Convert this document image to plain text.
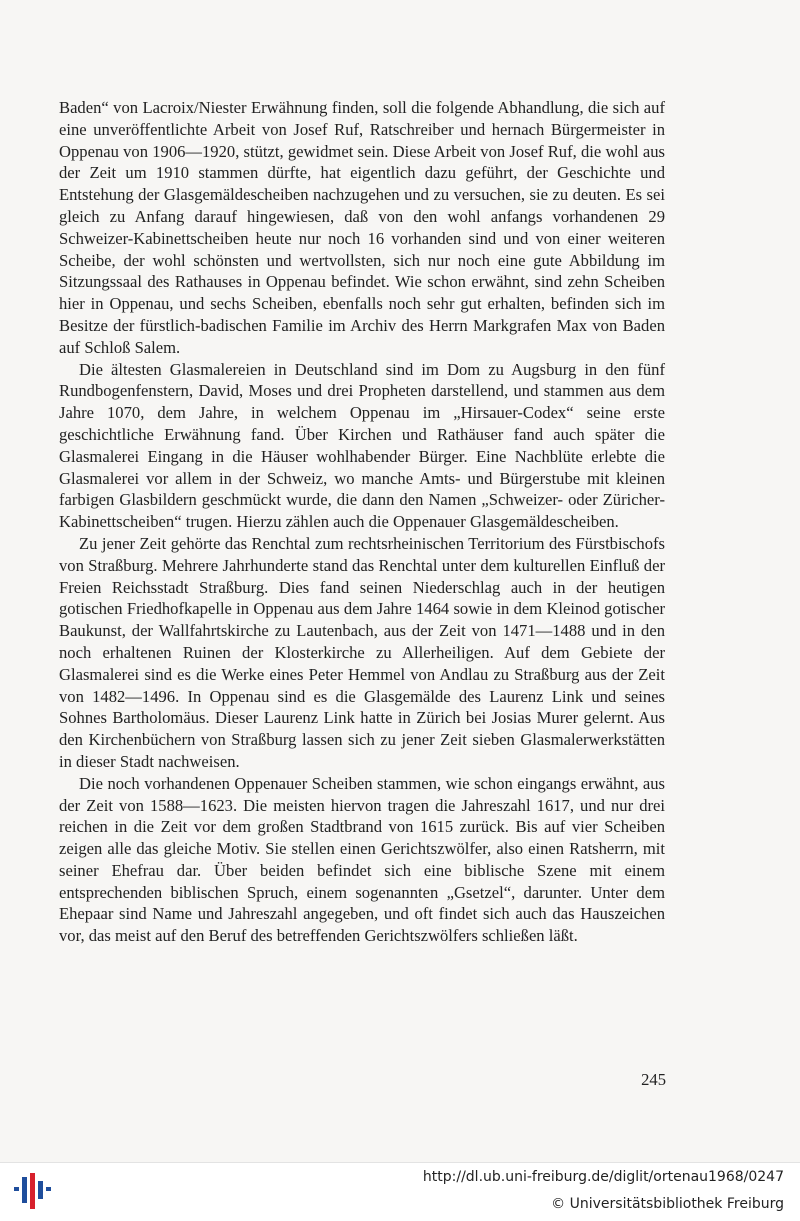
Baden“ von Lacroix/Niester Erwähnung finden, soll die folgende Abhandlung, die sich auf eine unveröffentlichte Arbeit von Josef Ruf, Ratschreiber und hernach Bürgermeister in Oppenau von 1906—1920, stützt, gewidmet sein. Diese Arbeit von Josef Ruf, die wohl aus der Zeit um 1910 stammen dürfte, hat eigentlich dazu geführt, der Geschichte und Entstehung der Glasgemäldescheiben nachzugehen und zu versuchen, sie zu deuten. Es sei gleich zu Anfang darauf hingewiesen, daß von den wohl anfangs vorhandenen 29 Schweizer-Kabinettscheiben heute nur noch 16 vorhanden sind und von einer weiteren Scheibe, der wohl schönsten und wertvollsten, sich nur noch eine gute Abbildung im Sitzungssaal des Rathauses in Oppenau befindet. Wie schon erwähnt, sind zehn Scheiben hier in Oppenau, und sechs Scheiben, ebenfalls noch sehr gut erhalten, befinden sich im Besitze der fürstlich-badischen Familie im Archiv des Herrn Markgrafen Max von Baden auf Schloß Salem.

Die ältesten Glasmalereien in Deutschland sind im Dom zu Augsburg in den fünf Rundbogenfenstern, David, Moses und drei Propheten darstellend, und stammen aus dem Jahre 1070, dem Jahre, in welchem Oppenau im „Hirsauer-Codex“ seine erste geschichtliche Erwähnung fand. Über Kirchen und Rathäuser fand auch später die Glasmalerei Eingang in die Häuser wohlhabender Bürger. Eine Nachblüte erlebte die Glasmalerei vor allem in der Schweiz, wo manche Amts- und Bürgerstube mit kleinen farbigen Glasbildern geschmückt wurde, die dann den Namen „Schweizer- oder Züricher-Kabinettscheiben“ trugen. Hierzu zählen auch die Oppenauer Glasgemäldescheiben.

Zu jener Zeit gehörte das Renchtal zum rechtsrheinischen Territorium des Fürstbischofs von Straßburg. Mehrere Jahrhunderte stand das Renchtal unter dem kulturellen Einfluß der Freien Reichsstadt Straßburg. Dies fand seinen Niederschlag auch in der heutigen gotischen Friedhofkapelle in Oppenau aus dem Jahre 1464 sowie in dem Kleinod gotischer Baukunst, der Wallfahrtskirche zu Lautenbach, aus der Zeit von 1471—1488 und in den noch erhaltenen Ruinen der Klosterkirche zu Allerheiligen. Auf dem Gebiete der Glasmalerei sind es die Werke eines Peter Hemmel von Andlau zu Straßburg aus der Zeit von 1482—1496. In Oppenau sind es die Glasgemälde des Laurenz Link und seines Sohnes Bartholomäus. Dieser Laurenz Link hatte in Zürich bei Josias Murer gelernt. Aus den Kirchenbüchern von Straßburg lassen sich zu jener Zeit sieben Glasmalerwerkstätten in dieser Stadt nachweisen.

Die noch vorhandenen Oppenauer Scheiben stammen, wie schon eingangs erwähnt, aus der Zeit von 1588—1623. Die meisten hiervon tragen die Jahreszahl 1617, und nur drei reichen in die Zeit vor dem großen Stadtbrand von 1615 zurück. Bis auf vier Scheiben zeigen alle das gleiche Motiv. Sie stellen einen Gerichtszwölfer, also einen Ratsherrn, mit seiner Ehefrau dar. Über beiden befindet sich eine biblische Szene mit einem entsprechenden biblischen Spruch, einem sogenannten „Gsetzel“, darunter. Unter dem Ehepaar sind Name und Jahreszahl angegeben, und oft findet sich auch das Hauszeichen vor, das meist auf den Beruf des betreffenden Gerichtszwölfers schließen läßt.

245
http://dl.ub.uni-freiburg.de/diglit/ortenau1968/0247
© Universitätsbibliothek Freiburg
